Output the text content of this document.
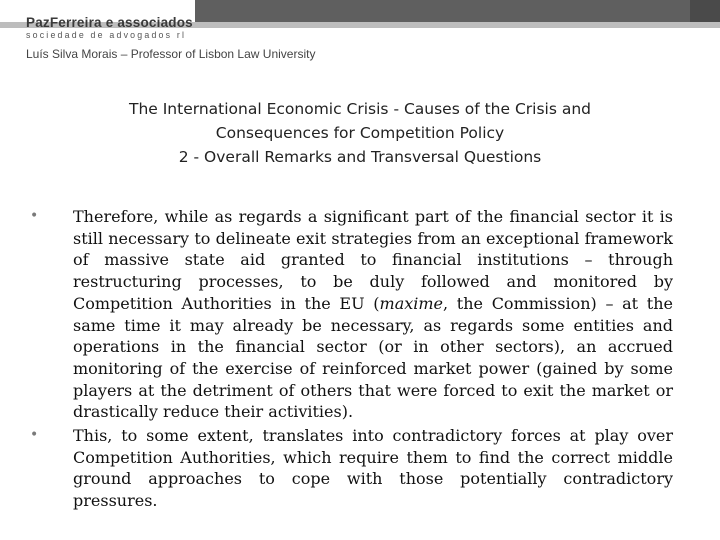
PazFerreira e associados
sociedade de advogados rl
Luís Silva Morais – Professor of Lisbon Law University
The International Economic Crisis - Causes of the Crisis and
Consequences for Competition Policy
2 - Overall Remarks and Transversal Questions
• Therefore, while as regards a significant part of the financial sector it is still necessary to delineate exit strategies from an exceptional framework of massive state aid granted to financial institutions – through restructuring processes, to be duly followed and monitored by Competition Authorities in the EU (maxime, the Commission) – at the same time it may already be necessary, as regards some entities and operations in the financial sector (or in other sectors), an accrued monitoring of the exercise of reinforced market power (gained by some players at the detriment of others that were forced to exit the market or drastically reduce their activities).
• This, to some extent, translates into contradictory forces at play over Competition Authorities, which require them to find the correct middle ground approaches to cope with those potentially contradictory pressures.
